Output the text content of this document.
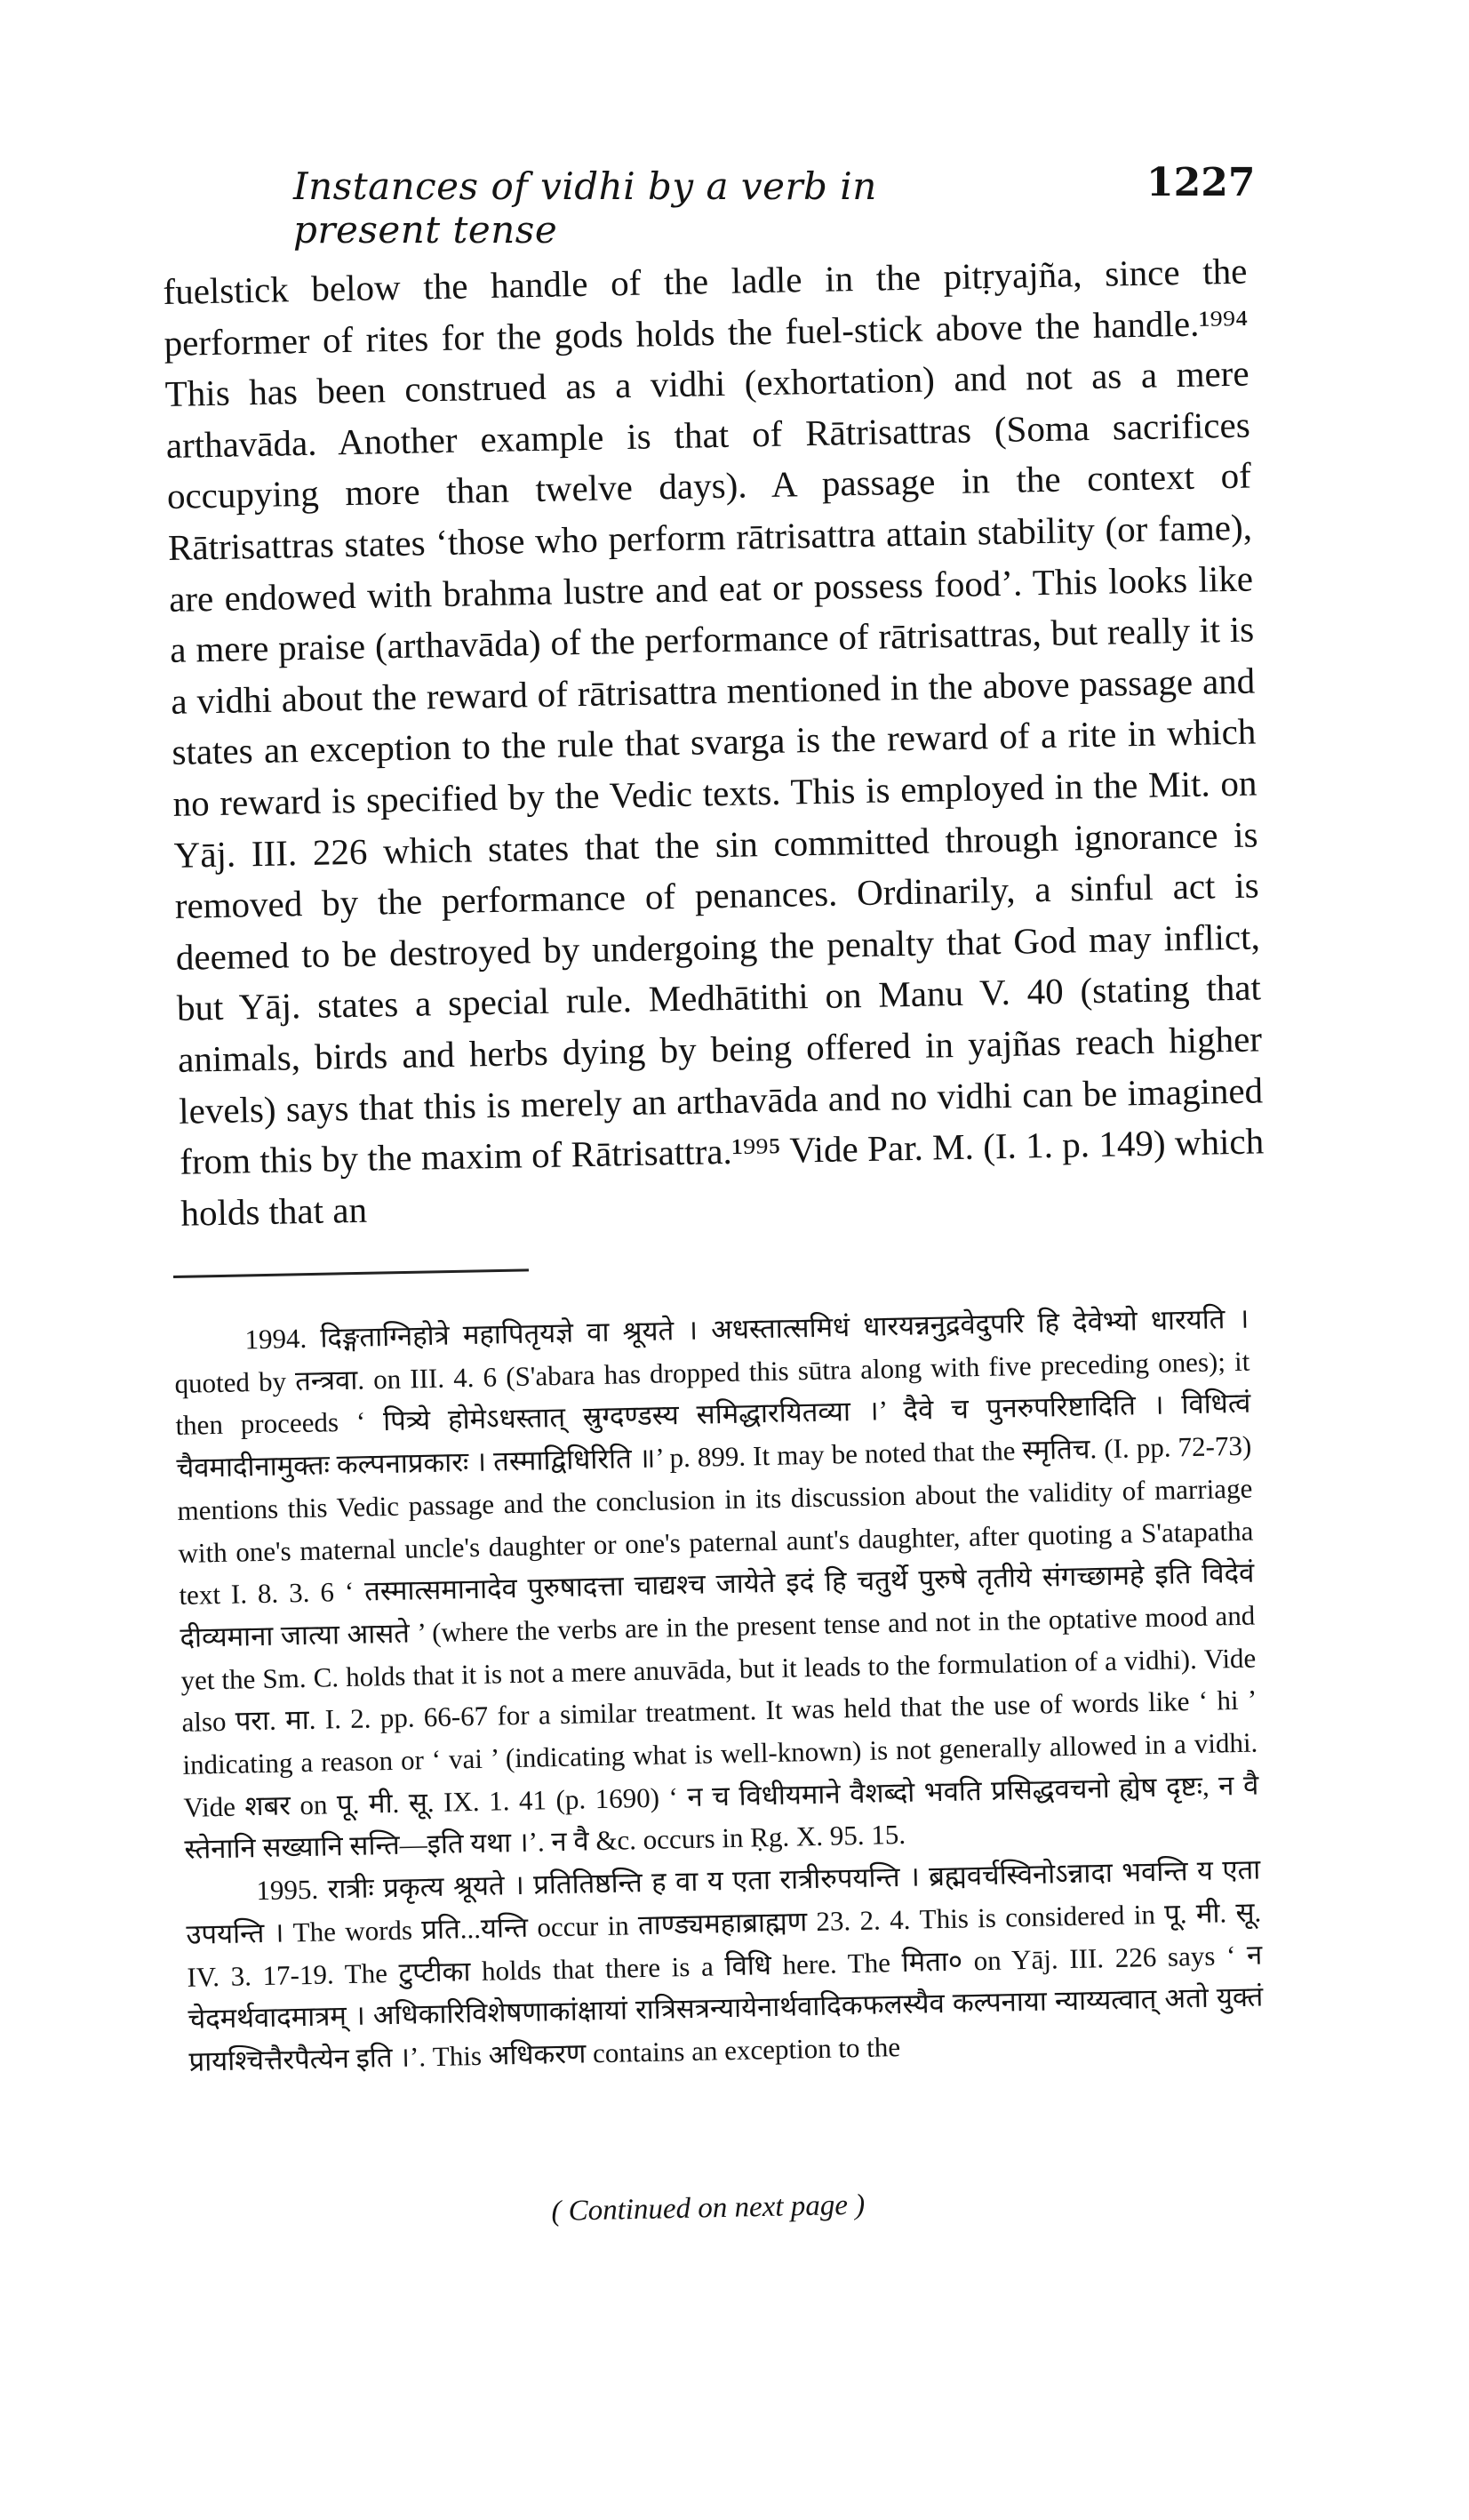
Instances of vidhi by a verb in present tense
1227

fuelstick below the handle of the ladle in the pitṛyajña, since the performer of rites for the gods holds the fuel-stick above the handle.¹⁹⁹⁴ This has been construed as a vidhi (exhortation) and not as a mere arthavāda. Another example is that of Rātrisattras (Soma sacrifices occupying more than twelve days). A passage in the context of Rātrisattras states ‘those who perform rātrisattra attain stability (or fame), are endowed with brahma lustre and eat or possess food’. This looks like a mere praise (arthavāda) of the performance of rātrisattras, but really it is a vidhi about the reward of rātrisattra mentioned in the above passage and states an exception to the rule that svarga is the reward of a rite in which no reward is specified by the Vedic texts. This is employed in the Mit. on Yāj. III. 226 which states that the sin committed through ignorance is removed by the performance of penances. Ordinarily, a sinful act is deemed to be destroyed by undergoing the penalty that God may inflict, but Yāj. states a special rule. Medhātithi on Manu V. 40 (stating that animals, birds and herbs dying by being offered in yajñas reach higher levels) says that this is merely an arthavāda and no vidhi can be imagined from this by the maxim of Rātrisattra.¹⁹⁹⁵ Vide Par. M. (I. 1. p. 149) which holds that an

1994. दिङ्गताग्निहोत्रे महापितृयज्ञे वा श्रूयते । अधस्तात्समिधं धारयन्ननुद्रवेदुपरि हि देवेभ्यो धारयति । quoted by तन्त्रवा. on III. 4. 6 (S'abara has dropped this sūtra along with five preceding ones); it then proceeds ‘ पित्र्ये होमेऽधस्तात् स्रुग्दण्डस्य समिद्धारयितव्या ।’ दैवे च पुनरुपरिष्टादिति । विधित्वं चैवमादीनामुक्तः कल्पनाप्रकारः । तस्माद्विधिरिति ॥’ p. 899. It may be noted that the स्मृतिच. (I. pp. 72-73) mentions this Vedic passage and the conclusion in its discussion about the validity of marriage with one's maternal uncle's daughter or one's paternal aunt's daughter, after quoting a S'atapatha text I. 8. 3. 6 ‘ तस्मात्समानादेव पुरुषादत्ता चाद्यश्च जायेते इदं हि चतुर्थे पुरुषे तृतीये संगच्छामहे इति विदेवं दीव्यमाना जात्या आसते ’ (where the verbs are in the present tense and not in the optative mood and yet the Sm. C. holds that it is not a mere anuvāda, but it leads to the formulation of a vidhi). Vide also परा. मा. I. 2. pp. 66-67 for a similar treatment. It was held that the use of words like ‘ hi ’ indicating a reason or ‘ vai ’ (indicating what is well-known) is not generally allowed in a vidhi. Vide शबर on पू. मी. सू. IX. 1. 41 (p. 1690) ‘ न च विधीयमाने वैशब्दो भवति प्रसिद्धवचनो ह्येष दृष्टः, न वै स्तेनानि सख्यानि सन्ति—इति यथा ।’. न वै &c. occurs in Ṛg. X. 95. 15.

1995. रात्रीः प्रकृत्य श्रूयते । प्रतितिष्ठन्ति ह वा य एता रात्रीरुपयन्ति । ब्रह्मवर्चस्विनोऽन्नादा भवन्ति य एता उपयन्ति । The words प्रति...यन्ति occur in ताण्ड्यमहाब्राह्मण 23. 2. 4. This is considered in पू. मी. सू. IV. 3. 17-19. The टुप्टीका holds that there is a विधि here. The मिता० on Yāj. III. 226 says ‘ न चेदमर्थवादमात्रम् । अधिकारिविशेषणाकांक्षायां रात्रिसत्रन्यायेनार्थवादिकफलस्यैव कल्पनाया न्याय्यत्वात् अतो युक्तं प्रायश्चित्तैरपैत्येन इति ।’. This अधिकरण contains an exception to the

( Continued on next page )
